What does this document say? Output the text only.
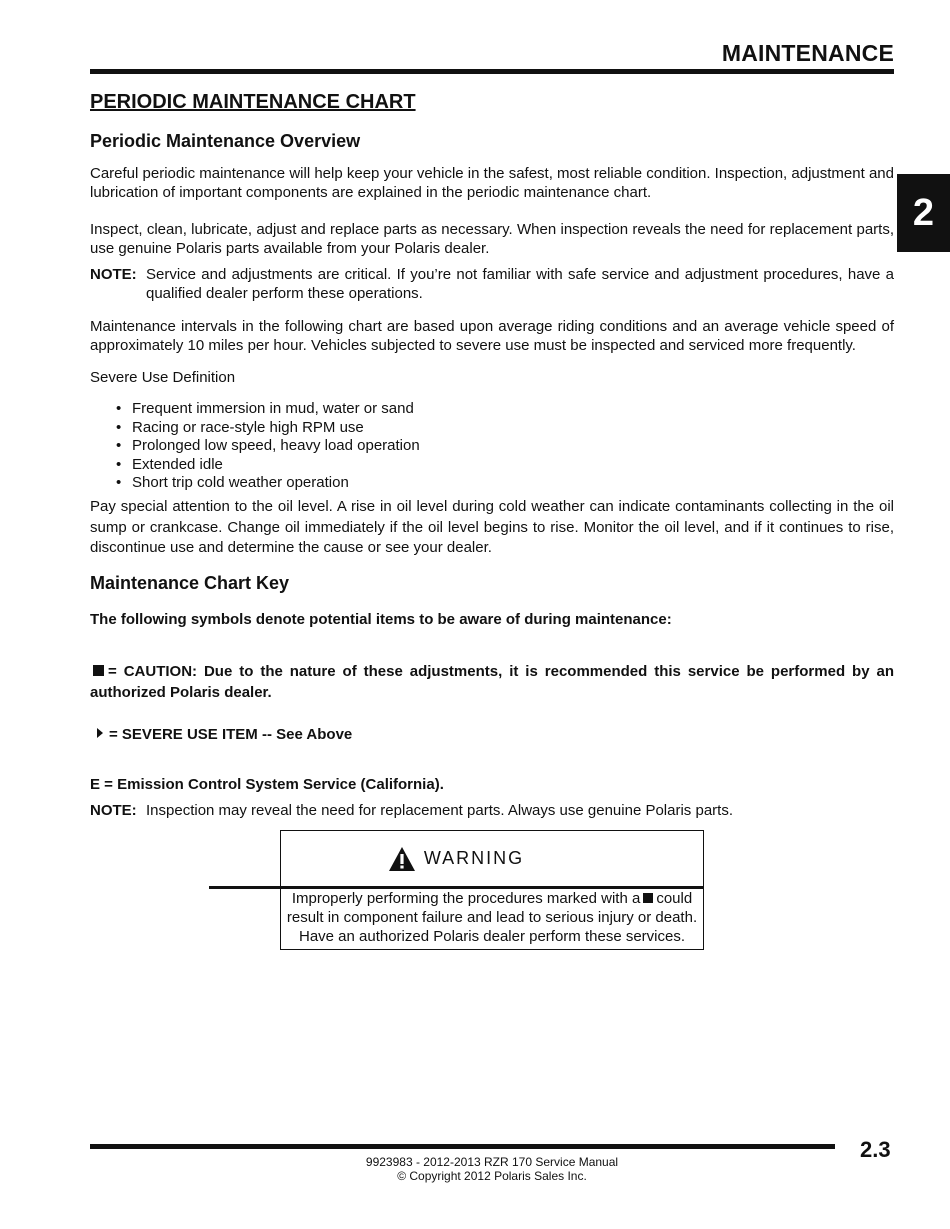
MAINTENANCE
2
PERIODIC MAINTENANCE CHART
Periodic Maintenance Overview
Careful periodic maintenance will help keep your vehicle in the safest, most reliable condition. Inspection, adjustment and lubrication of important components are explained in the periodic maintenance chart.
Inspect, clean, lubricate, adjust and replace parts as necessary. When inspection reveals the need for replacement parts, use genuine Polaris parts available from your Polaris dealer.
NOTE: Service and adjustments are critical. If you’re not familiar with safe service and adjustment procedures, have a qualified dealer perform these operations.
Maintenance intervals in the following chart are based upon average riding conditions and an average vehicle speed of approximately 10 miles per hour. Vehicles subjected to severe use must be inspected and serviced more frequently.
Severe Use Definition
• Frequent immersion in mud, water or sand
• Racing or race-style high RPM use
• Prolonged low speed, heavy load operation
• Extended idle
• Short trip cold weather operation
Pay special attention to the oil level. A rise in oil level during cold weather can indicate contaminants collecting in the oil sump or crankcase. Change oil immediately if the oil level begins to rise. Monitor the oil level, and if it continues to rise, discontinue use and determine the cause or see your dealer.
Maintenance Chart Key
The following symbols denote potential items to be aware of during maintenance:
= CAUTION: Due to the nature of these adjustments, it is recommended this service be performed by an authorized Polaris dealer.
= SEVERE USE ITEM -- See Above
E = Emission Control System Service (California).
NOTE: Inspection may reveal the need for replacement parts. Always use genuine Polaris parts.
WARNING
Improperly performing the procedures marked with a could
result in component failure and lead to serious injury or death.
Have an authorized Polaris dealer perform these services.
2.3
9923983 - 2012-2013 RZR 170 Service Manual
© Copyright 2012 Polaris Sales Inc.
